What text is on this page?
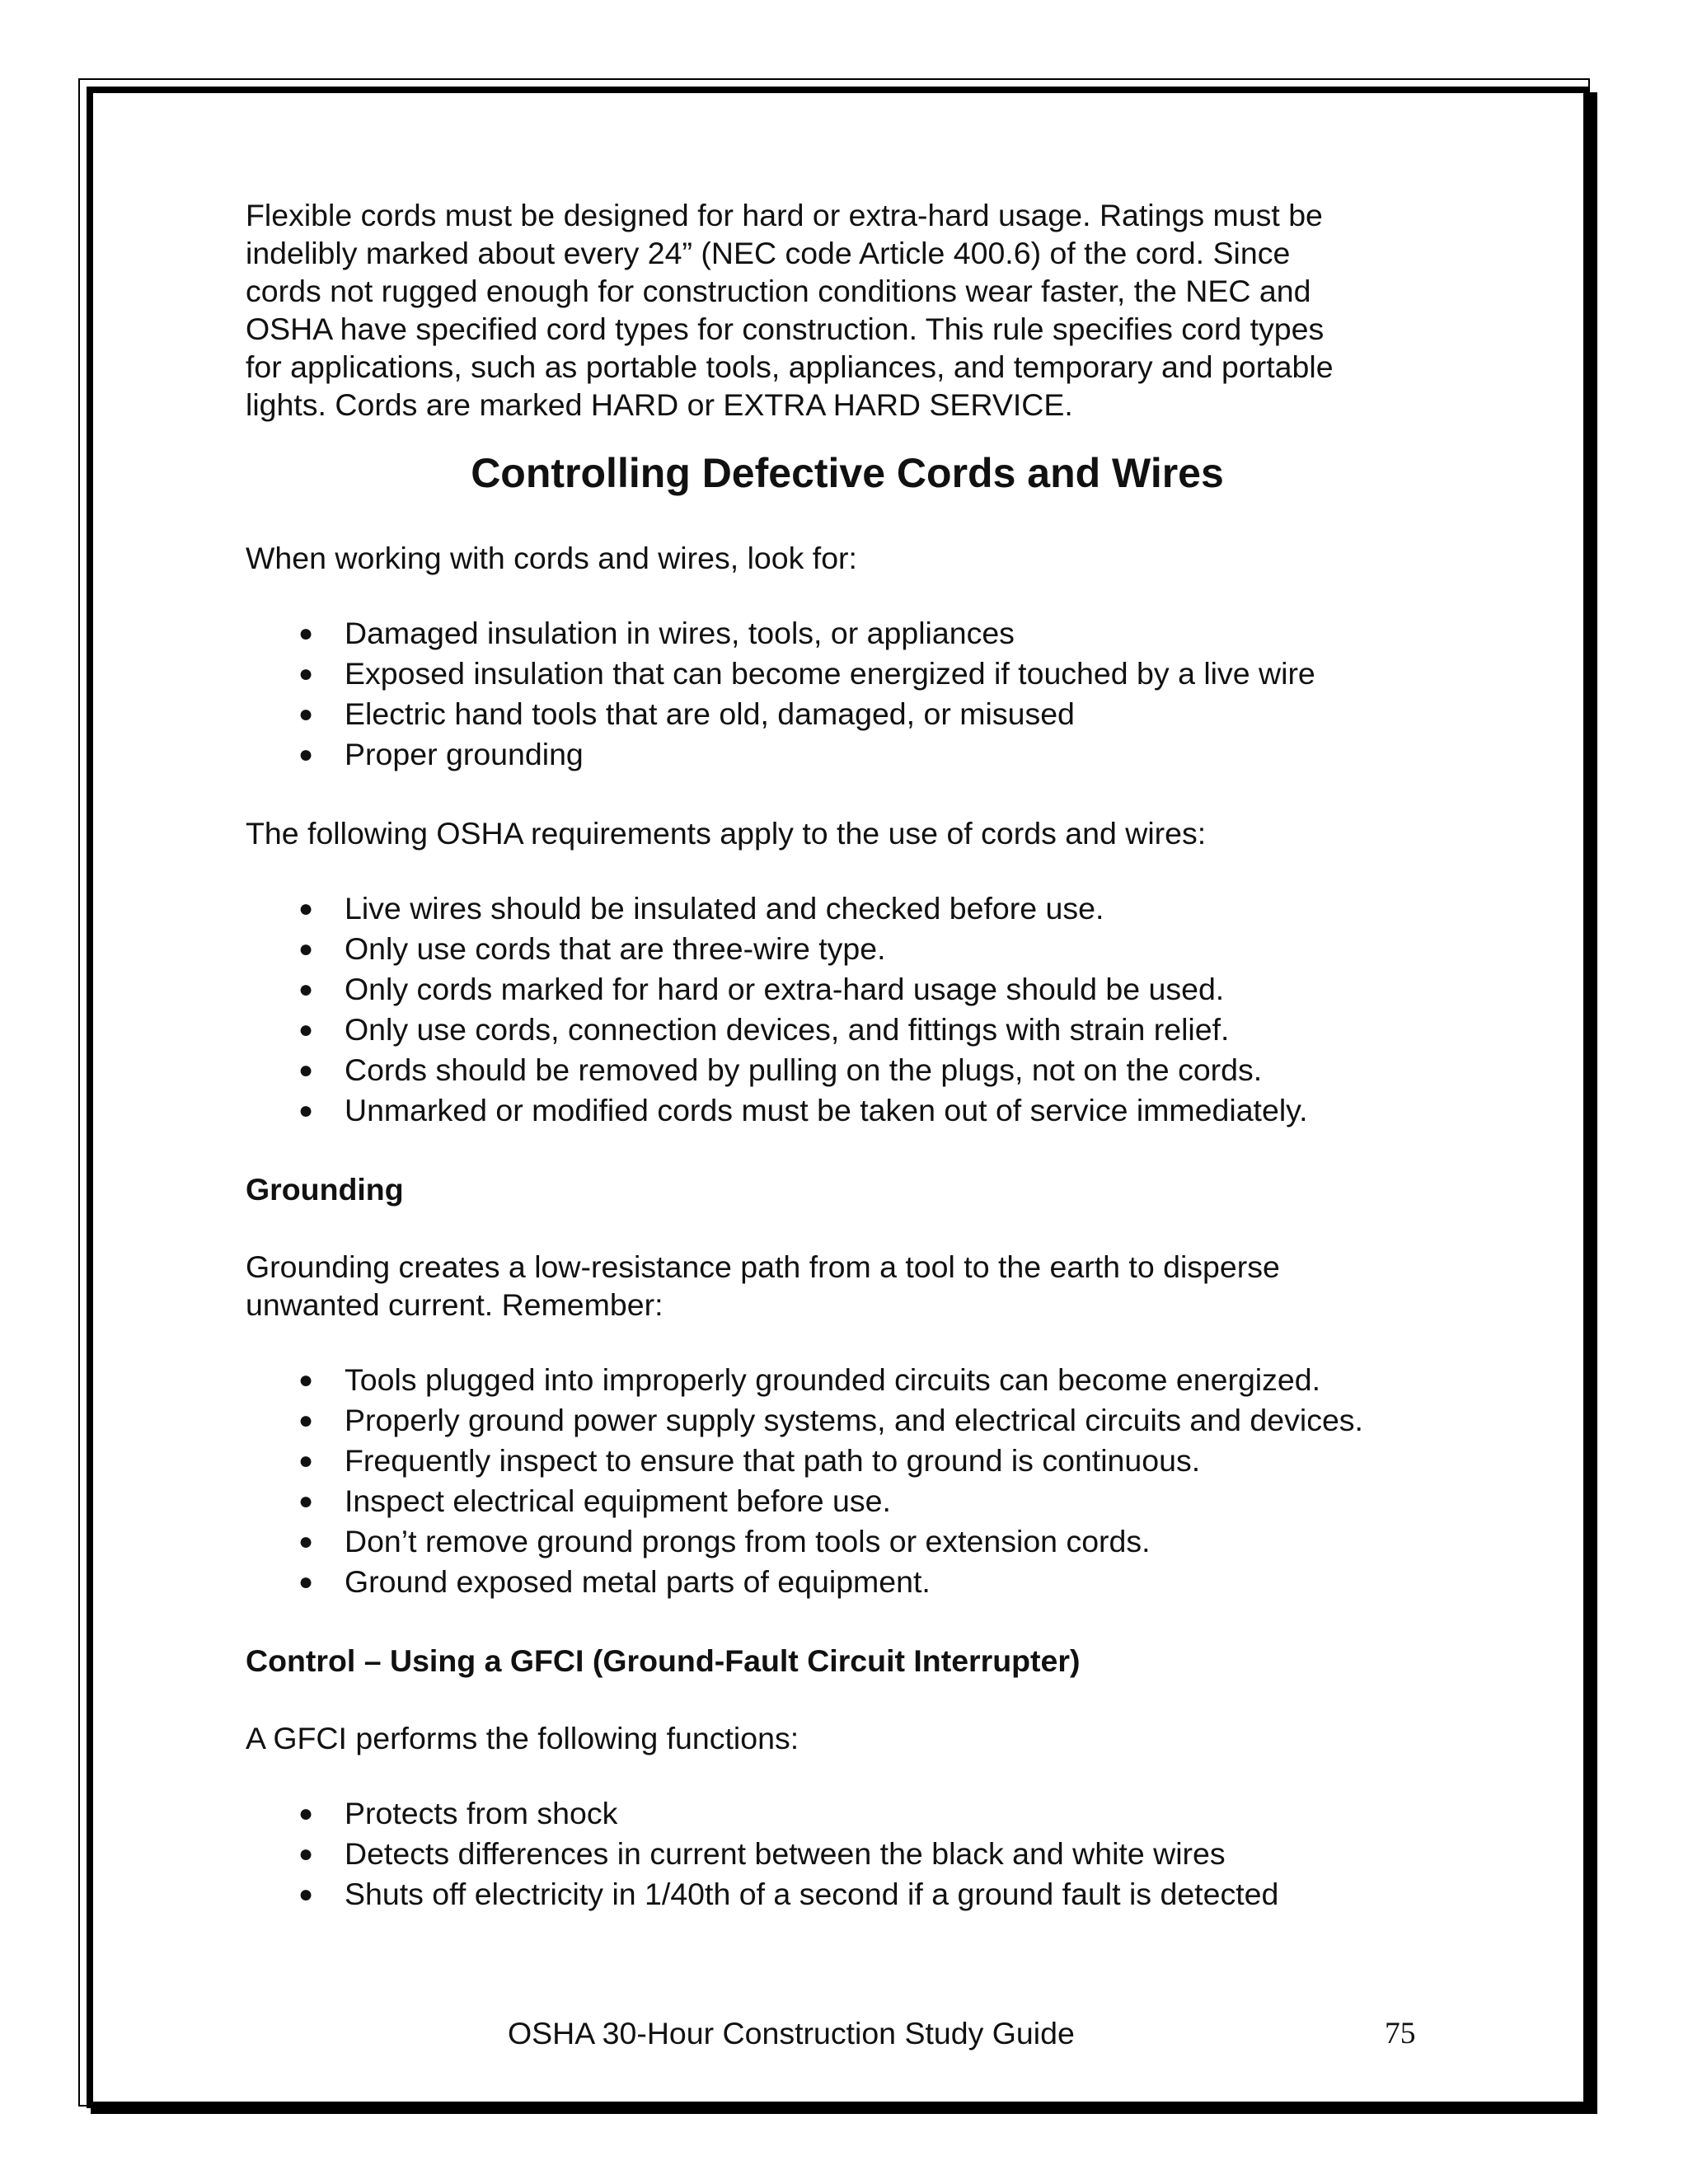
Flexible cords must be designed for hard or extra-hard usage. Ratings must be

indelibly marked about every 24” (NEC code Article 400.6) of the cord. Since

cords not rugged enough for construction conditions wear faster, the NEC and

OSHA have specified cord types for construction. This rule specifies cord types

for applications, such as portable tools, appliances, and temporary and portable

lights. Cords are marked HARD or EXTRA HARD SERVICE.

Controlling Defective Cords and Wires

When working with cords and wires, look for:

● Damaged insulation in wires, tools, or appliances
● Exposed insulation that can become energized if touched by a live wire
● Electric hand tools that are old, damaged, or misused
● Proper grounding

The following OSHA requirements apply to the use of cords and wires:

● Live wires should be insulated and checked before use.
● Only use cords that are three-wire type.
● Only cords marked for hard or extra-hard usage should be used.
● Only use cords, connection devices, and fittings with strain relief.
● Cords should be removed by pulling on the plugs, not on the cords.
● Unmarked or modified cords must be taken out of service immediately.

Grounding

Grounding creates a low-resistance path from a tool to the earth to disperse

unwanted current. Remember:

● Tools plugged into improperly grounded circuits can become energized.
● Properly ground power supply systems, and electrical circuits and devices.
● Frequently inspect to ensure that path to ground is continuous.
● Inspect electrical equipment before use.
● Don’t remove ground prongs from tools or extension cords.
● Ground exposed metal parts of equipment.

Control – Using a GFCI (Ground-Fault Circuit Interrupter)

A GFCI performs the following functions:

● Protects from shock
● Detects differences in current between the black and white wires
● Shuts off electricity in 1/40th of a second if a ground fault is detected
OSHA 30-Hour Construction Study Guide	75
